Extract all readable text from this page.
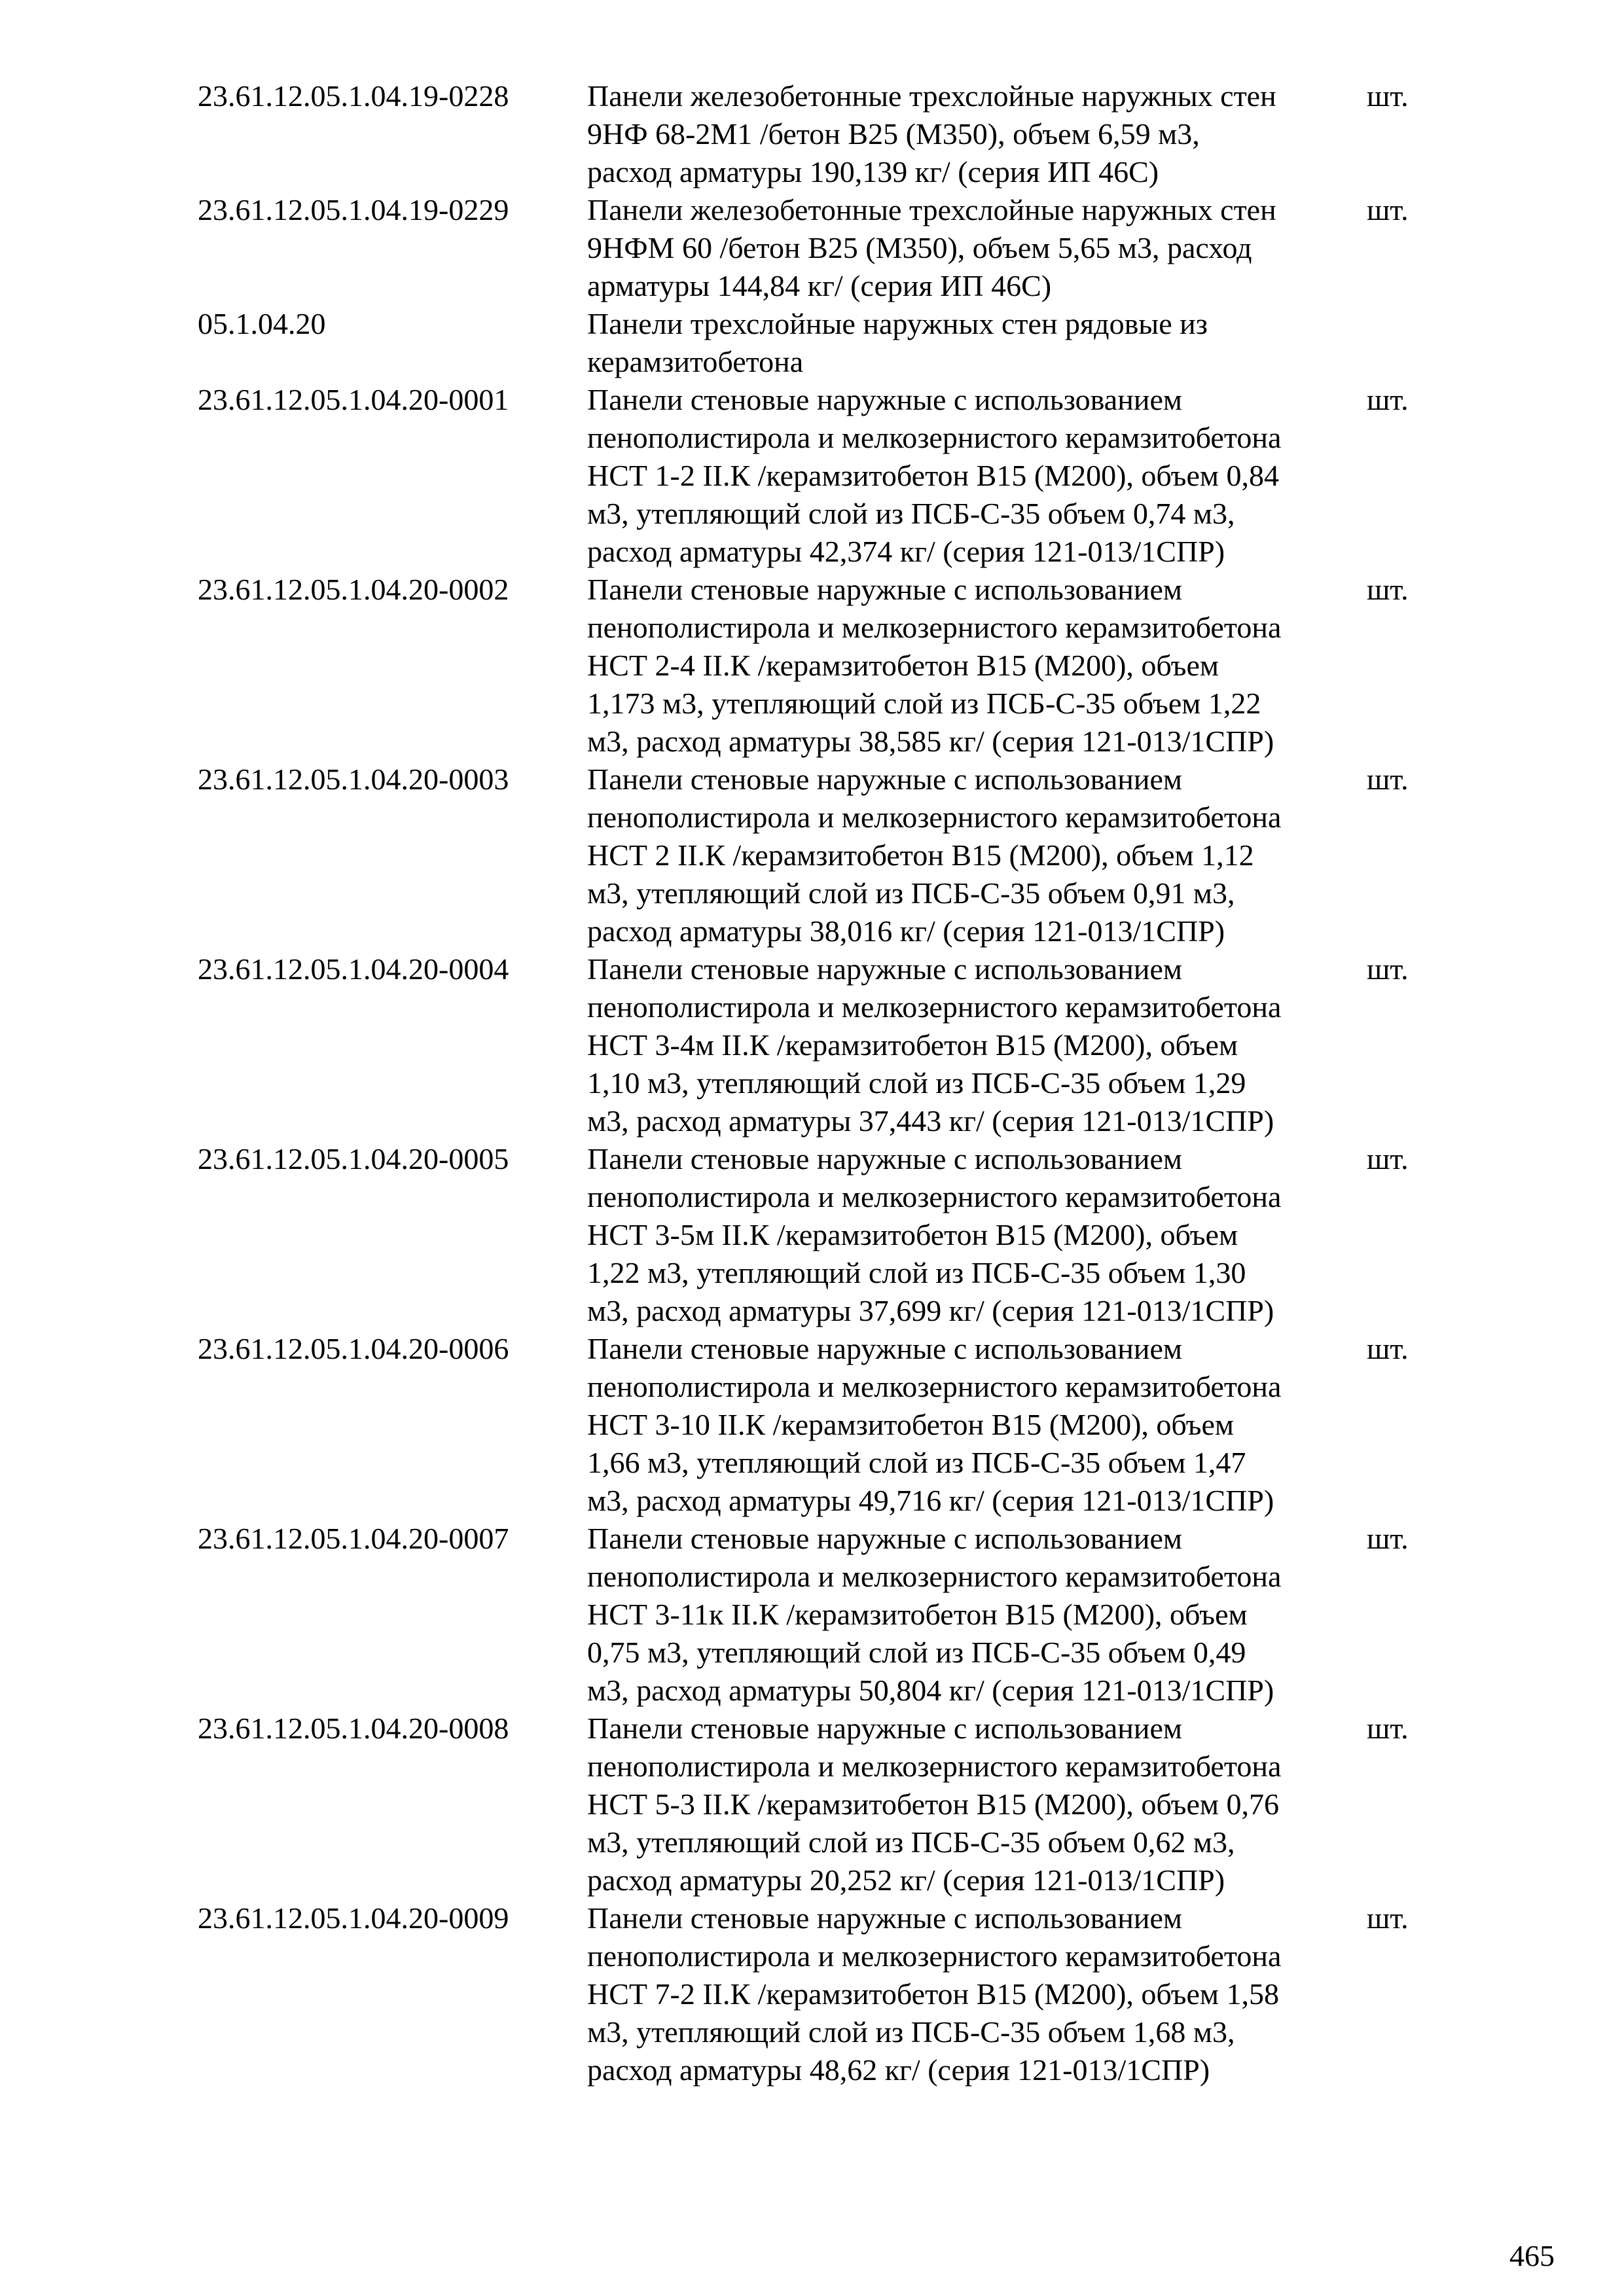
23.61.12.05.1.04.19-0228	Панели железобетонные трехслойные наружных стен
9НФ 68-2М1 /бетон В25 (М350), объем 6,59 м3,
расход арматуры 190,139 кг/ (серия ИП 46С)
шт.
23.61.12.05.1.04.19-0229	Панели железобетонные трехслойные наружных стен
9НФМ 60 /бетон В25 (М350), объем 5,65 м3, расход
арматуры 144,84 кг/ (серия ИП 46С)
шт.
05.1.04.20	Панели трехслойные наружных стен рядовые из
керамзитобетона
23.61.12.05.1.04.20-0001	Панели стеновые наружные с использованием
пенополистирола и мелкозернистого керамзитобетона
НСТ 1-2 II.К /керамзитобетон В15 (М200), объем 0,84
м3, утепляющий слой из ПСБ-С-35 объем 0,74 м3,
расход арматуры 42,374 кг/ (серия 121-013/1СПР)
шт.
23.61.12.05.1.04.20-0002	Панели стеновые наружные с использованием
пенополистирола и мелкозернистого керамзитобетона
НСТ 2-4 II.К /керамзитобетон В15 (М200), объем
1,173 м3, утепляющий слой из ПСБ-С-35 объем 1,22
м3, расход арматуры 38,585 кг/ (серия 121-013/1СПР)
шт.
23.61.12.05.1.04.20-0003	Панели стеновые наружные с использованием
пенополистирола и мелкозернистого керамзитобетона
НСТ 2 II.К /керамзитобетон В15 (М200), объем 1,12
м3, утепляющий слой из ПСБ-С-35 объем 0,91 м3,
расход арматуры 38,016 кг/ (серия 121-013/1СПР)
шт.
23.61.12.05.1.04.20-0004	Панели стеновые наружные с использованием
пенополистирола и мелкозернистого керамзитобетона
НСТ 3-4м II.К /керамзитобетон В15 (М200), объем
1,10 м3, утепляющий слой из ПСБ-С-35 объем 1,29
м3, расход арматуры 37,443 кг/ (серия 121-013/1СПР)
шт.
23.61.12.05.1.04.20-0005	Панели стеновые наружные с использованием
пенополистирола и мелкозернистого керамзитобетона
НСТ 3-5м II.К /керамзитобетон В15 (М200), объем
1,22 м3, утепляющий слой из ПСБ-С-35 объем 1,30
м3, расход арматуры 37,699 кг/ (серия 121-013/1СПР)
шт.
23.61.12.05.1.04.20-0006	Панели стеновые наружные с использованием
пенополистирола и мелкозернистого керамзитобетона
НСТ 3-10 II.К /керамзитобетон В15 (М200), объем
1,66 м3, утепляющий слой из ПСБ-С-35 объем 1,47
м3, расход арматуры 49,716 кг/ (серия 121-013/1СПР)
шт.
23.61.12.05.1.04.20-0007	Панели стеновые наружные с использованием
пенополистирола и мелкозернистого керамзитобетона
НСТ 3-11к II.К /керамзитобетон В15 (М200), объем
0,75 м3, утепляющий слой из ПСБ-С-35 объем 0,49
м3, расход арматуры 50,804 кг/ (серия 121-013/1СПР)
шт.
23.61.12.05.1.04.20-0008	Панели стеновые наружные с использованием
пенополистирола и мелкозернистого керамзитобетона
НСТ 5-3 II.К /керамзитобетон В15 (М200), объем 0,76
м3, утепляющий слой из ПСБ-С-35 объем 0,62 м3,
расход арматуры 20,252 кг/ (серия 121-013/1СПР)
шт.
23.61.12.05.1.04.20-0009	Панели стеновые наружные с использованием
пенополистирола и мелкозернистого керамзитобетона
НСТ 7-2 II.К /керамзитобетон В15 (М200), объем 1,58
м3, утепляющий слой из ПСБ-С-35 объем 1,68 м3,
расход арматуры 48,62 кг/ (серия 121-013/1СПР)
шт.
465
